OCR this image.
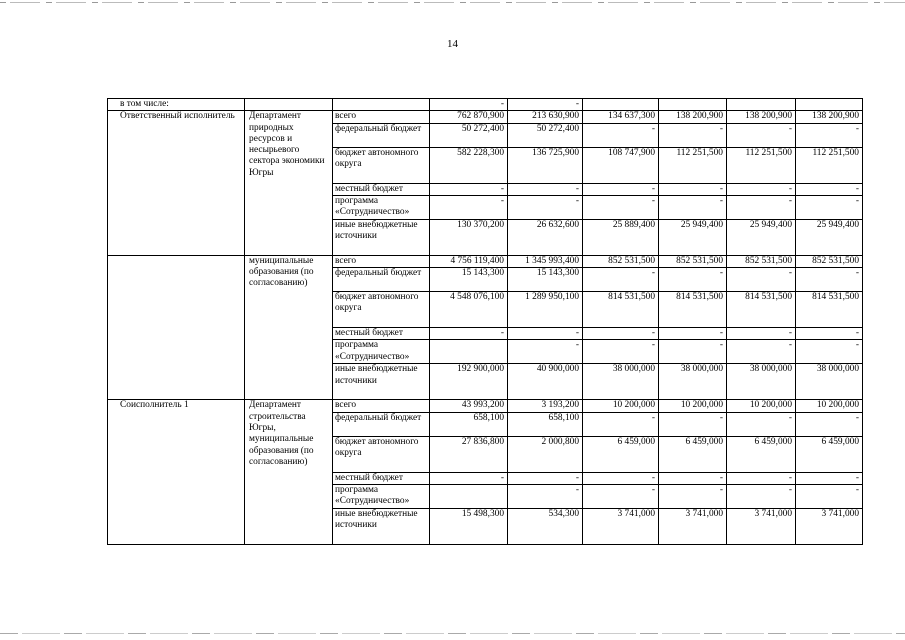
14
в том числе:			-	-				
Ответственный исполнитель	Департамент природных ресурсов и несырьевого сектора экономики Югры	всего	762 870,900	213 630,900	134 637,300	138 200,900	138 200,900	138 200,900
		федеральный бюджет	50 272,400	50 272,400	-	-	-	-
		бюджет автономного округа	582 228,300	136 725,900	108 747,900	112 251,500	112 251,500	112 251,500
		местный бюджет	-	-	-	-	-	-
		программа «Сотрудничество»	-	-	-	-	-	-
		иные внебюджетные источники	130 370,200	26 632,600	25 889,400	25 949,400	25 949,400	25 949,400
	муниципальные образования (по согласованию)	всего	4 756 119,400	1 345 993,400	852 531,500	852 531,500	852 531,500	852 531,500
		федеральный бюджет	15 143,300	15 143,300	-	-	-	-
		бюджет автономного округа	4 548 076,100	1 289 950,100	814 531,500	814 531,500	814 531,500	814 531,500
		местный бюджет	-	-	-	-	-	-
		программа «Сотрудничество»		-	-	-	-	-
		иные внебюджетные источники	192 900,000	40 900,000	38 000,000	38 000,000	38 000,000	38 000,000
Соисполнитель 1	Департамент строительства Югры, муниципальные образования (по согласованию)	всего	43 993,200	3 193,200	10 200,000	10 200,000	10 200,000	10 200,000
		федеральный бюджет	658,100	658,100	-	-	-	-
		бюджет автономного округа	27 836,800	2 000,800	6 459,000	6 459,000	6 459,000	6 459,000
		местный бюджет	-	-	-	-	-	-
		программа «Сотрудничество»		-	-	-	-	-
		иные внебюджетные источники	15 498,300	534,300	3 741,000	3 741,000	3 741,000	3 741,000
